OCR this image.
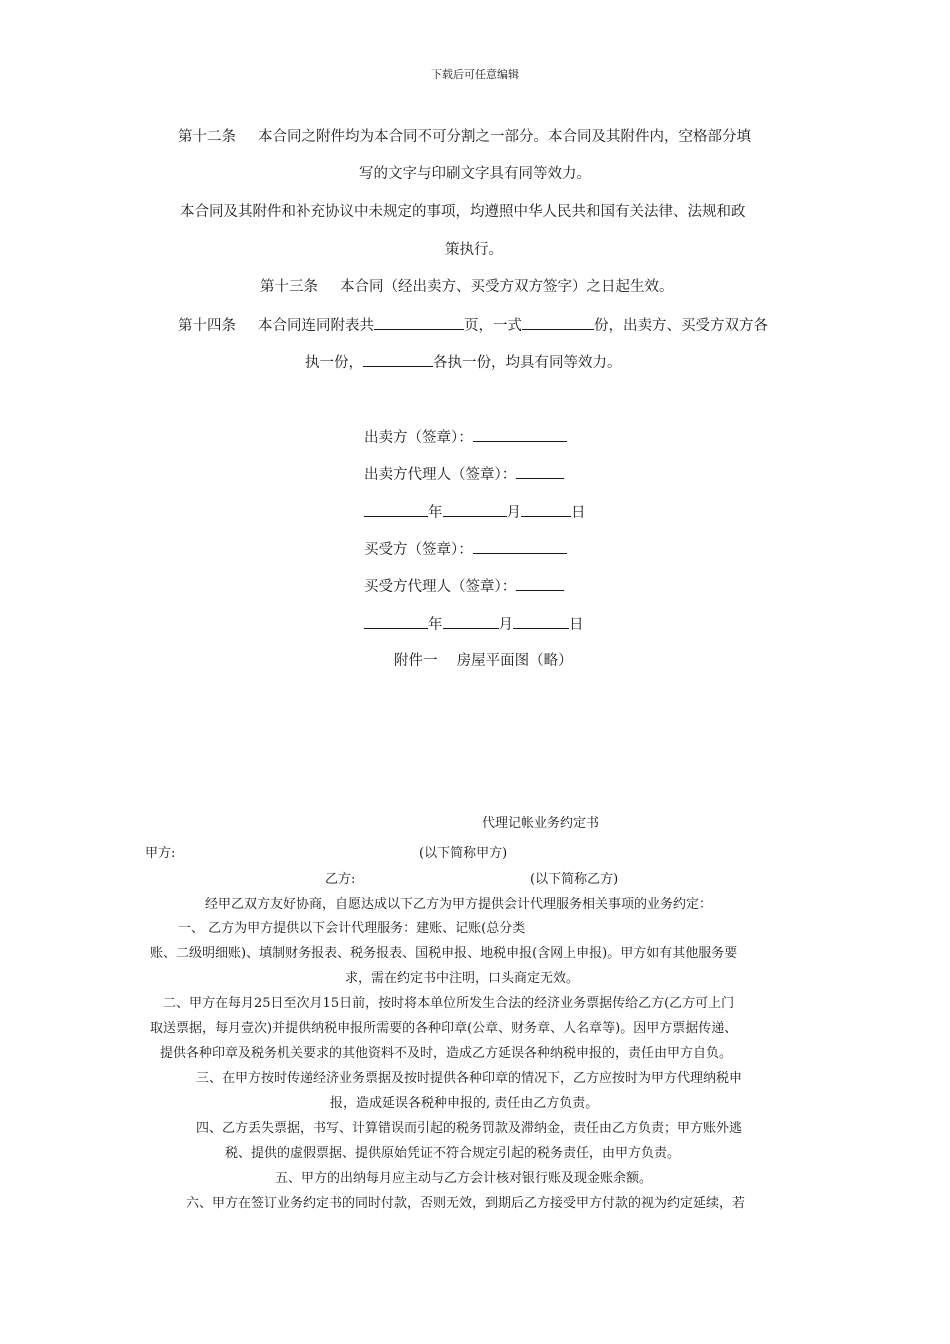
下载后可任意编辑
第十二条 本合同之附件均为本合同不可分割之一部分。本合同及其附件内，空格部分填
写的文字与印刷文字具有同等效力。
本合同及其附件和补充协议中未规定的事项，均遵照中华人民共和国有关法律、法规和政
策执行。
第十三条 本合同（经出卖方、买受方双方签字）之日起生效。
第十四条 本合同连同附表共	页，一式	份，出卖方、买受方双方各
执一份，	各执一份，均具有同等效力。
出卖方（签章）：
出卖方代理人（签章）：
年	月	日
买受方（签章）：
买受方代理人（签章）：
年	月	日
附件一　 房屋平面图（略）
代理记帐业务约定书
甲方:	(以下简称甲方)
乙方:	(以下简称乙方)
经甲乙双方友好协商，自愿达成以下乙方为甲方提供会计代理服务相关事项的业务约定：
一、 乙方为甲方提供以下会计代理服务：建账、记账(总分类
账、二级明细账)、填制财务报表、税务报表、国税申报、地税申报(含网上申报)。甲方如有其他服务要
求，需在约定书中注明，口头商定无效。
二、甲方在每月25日至次月15日前，按时将本单位所发生合法的经济业务票据传给乙方(乙方可上门
取送票据，每月壹次)并提供纳税申报所需要的各种印章(公章、财务章、人名章等)。因甲方票据传递、
提供各种印章及税务机关要求的其他资料不及时，造成乙方延误各种纳税申报的，责任由甲方自负。
三、在甲方按时传递经济业务票据及按时提供各种印章的情况下，乙方应按时为甲方代理纳税申
报，造成延误各税种申报的, 责任由乙方负责。
四、乙方丢失票据，书写、计算错误而引起的税务罚款及滞纳金，责任由乙方负责；甲方账外逃
税、提供的虚假票据、提供原始凭证不符合规定引起的税务责任，由甲方负责。
五、甲方的出纳每月应主动与乙方会计核对银行账及现金账余额。
六、甲方在签订业务约定书的同时付款，否则无效，到期后乙方接受甲方付款的视为约定延续，若
